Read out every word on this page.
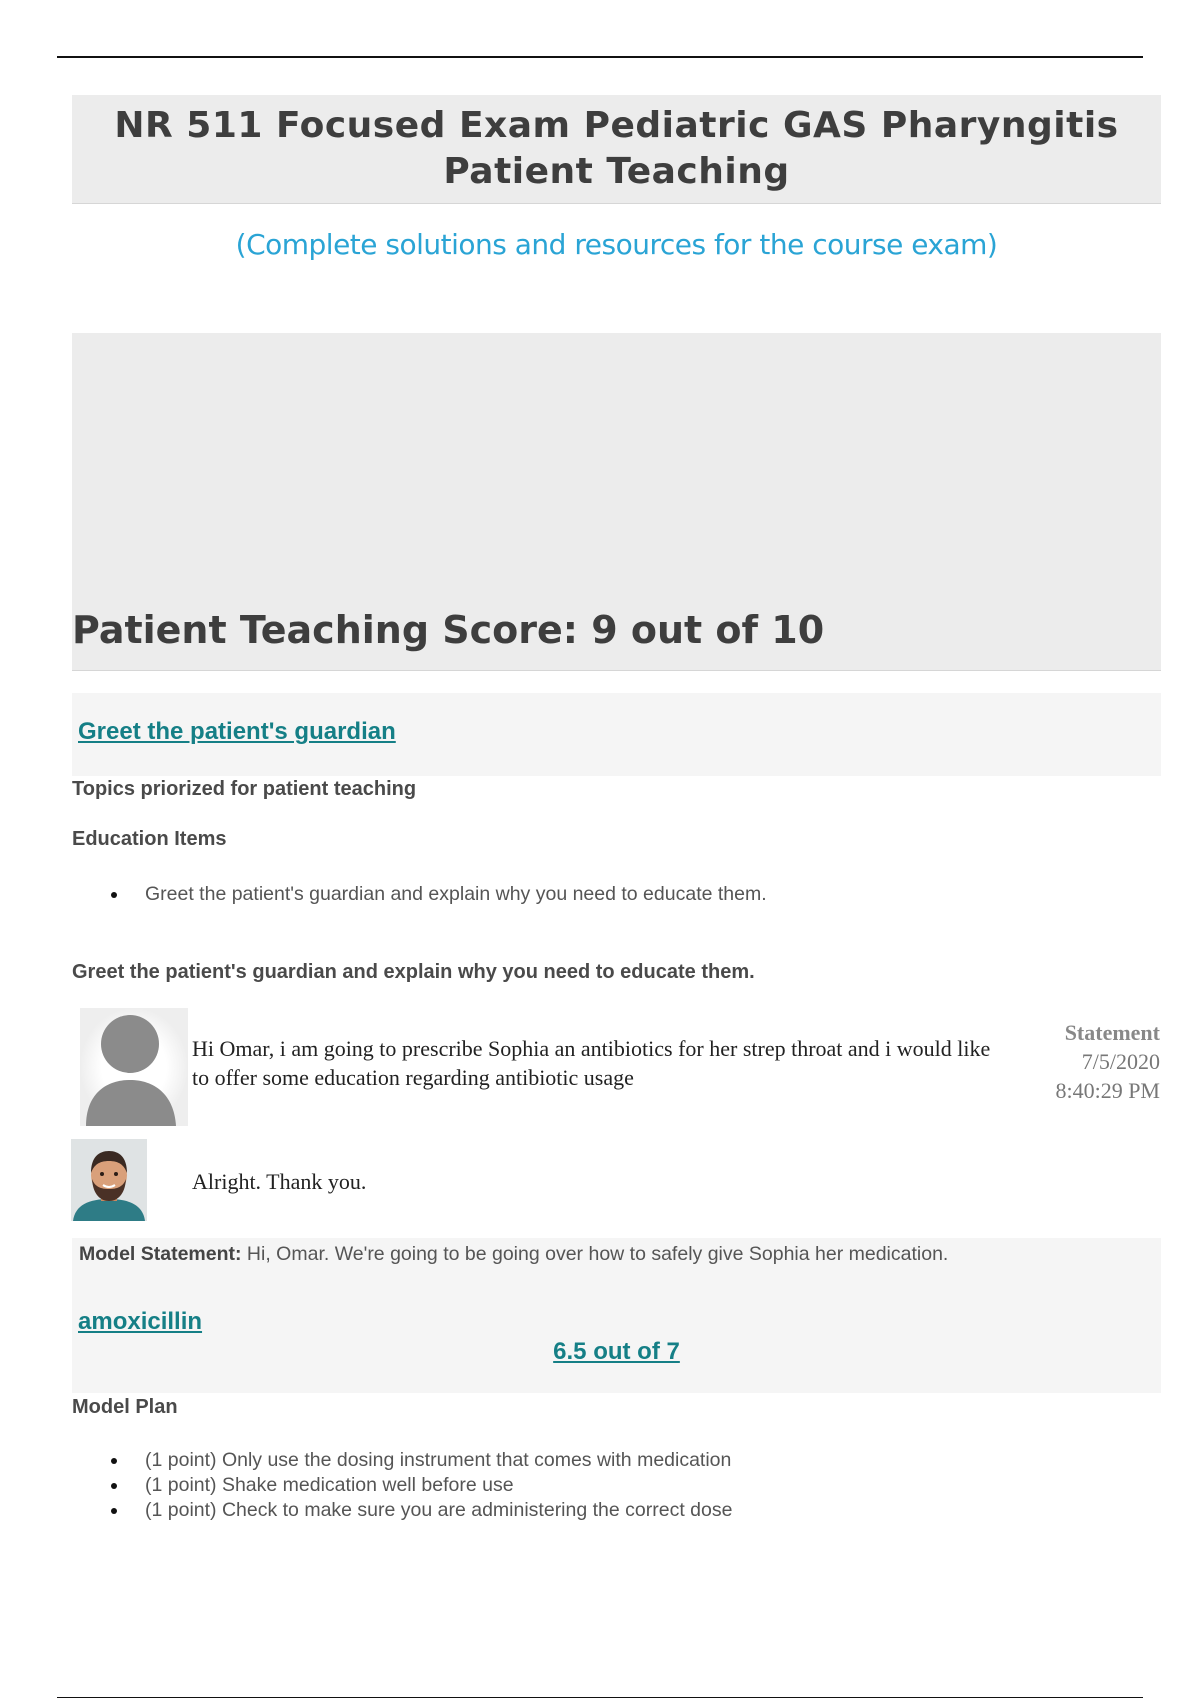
NR 511 Focused Exam Pediatric GAS Pharyngitis Patient Teaching
(Complete solutions and resources for the course exam)
Patient Teaching Score: 9 out of 10
Greet the patient's guardian
Topics priorized for patient teaching
Education Items
Greet the patient's guardian and explain why you need to educate them.
Greet the patient's guardian and explain why you need to educate them.
Hi Omar, i am going to prescribe Sophia an antibiotics for her strep throat and i would like to offer some education regarding antibiotic usage
Statement
7/5/2020
8:40:29 PM
Alright. Thank you.
Model Statement: Hi, Omar. We're going to be going over how to safely give Sophia her medication.
amoxicillin
6.5 out of 7
Model Plan
(1 point) Only use the dosing instrument that comes with medication
(1 point) Shake medication well before use
(1 point) Check to make sure you are administering the correct dose
